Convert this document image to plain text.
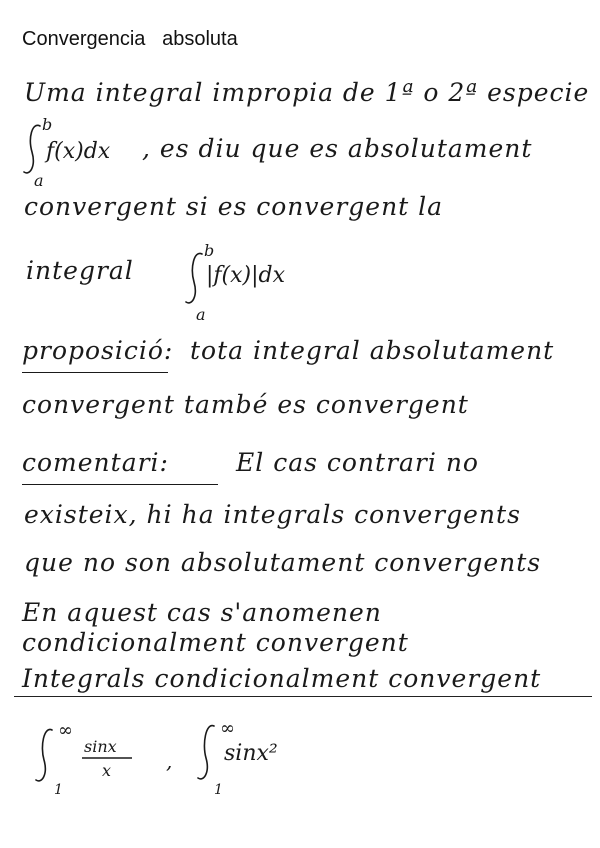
Convergencia   absoluta
Uma integral impropia de 1ª o 2ª especie
b
a
f(x)dx , es diu que es absolutament
convergent si es convergent la
integral
b
a
|f(x)|dx
proposició: tota integral absolutament
convergent també es convergent
comentari:	El cas contrari no
existeix, hi ha integrals convergents
que no son absolutament convergents
En aquest cas s'anomenen
condicionalment convergent
Integrals condicionalment convergent
∞
1
sinx
x	,
∞
1
sinx²
